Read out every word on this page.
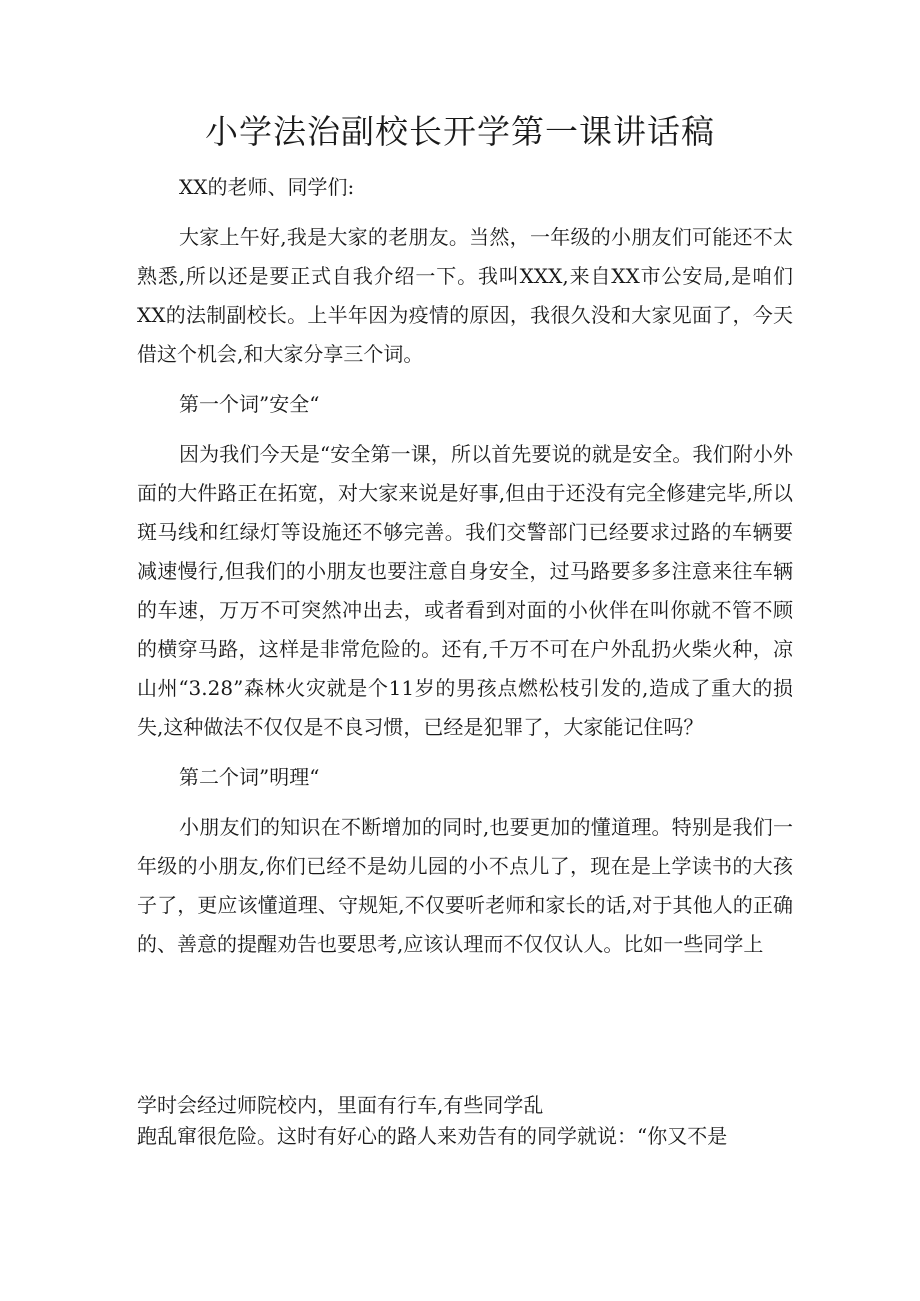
小学法治副校长开学第一课讲话稿

XX的老师、同学们:

大家上午好,我是大家的老朋友。当然，一年级的小朋友们可能还不太熟悉,所以还是要正式自我介绍一下。我叫XXX,来自XX市公安局,是咱们XX的法制副校长。上半年因为疫情的原因，我很久没和大家见面了，今天借这个机会,和大家分享三个词。

第一个词”安全“

因为我们今天是“安全第一课，所以首先要说的就是安全。我们附小外面的大件路正在拓宽，对大家来说是好事,但由于还没有完全修建完毕,所以斑马线和红绿灯等设施还不够完善。我们交警部门已经要求过路的车辆要减速慢行,但我们的小朋友也要注意自身安全，过马路要多多注意来往车辆的车速，万万不可突然冲出去，或者看到对面的小伙伴在叫你就不管不顾的横穿马路，这样是非常危险的。还有,千万不可在户外乱扔火柴火种，凉山州“3.28”森林火灾就是个11岁的男孩点燃松枝引发的,造成了重大的损失,这种做法不仅仅是不良习惯，已经是犯罪了，大家能记住吗？

第二个词”明理“

小朋友们的知识在不断增加的同时,也要更加的懂道理。特别是我们一年级的小朋友,你们已经不是幼儿园的小不点儿了，现在是上学读书的大孩子了，更应该懂道理、守规矩,不仅要听老师和家长的话,对于其他人的正确的、善意的提醒劝告也要思考,应该认理而不仅仅认人。比如一些同学上

学时会经过师院校内，里面有行车,有些同学乱

跑乱窜很危险。这时有好心的路人来劝告有的同学就说：“你又不是
